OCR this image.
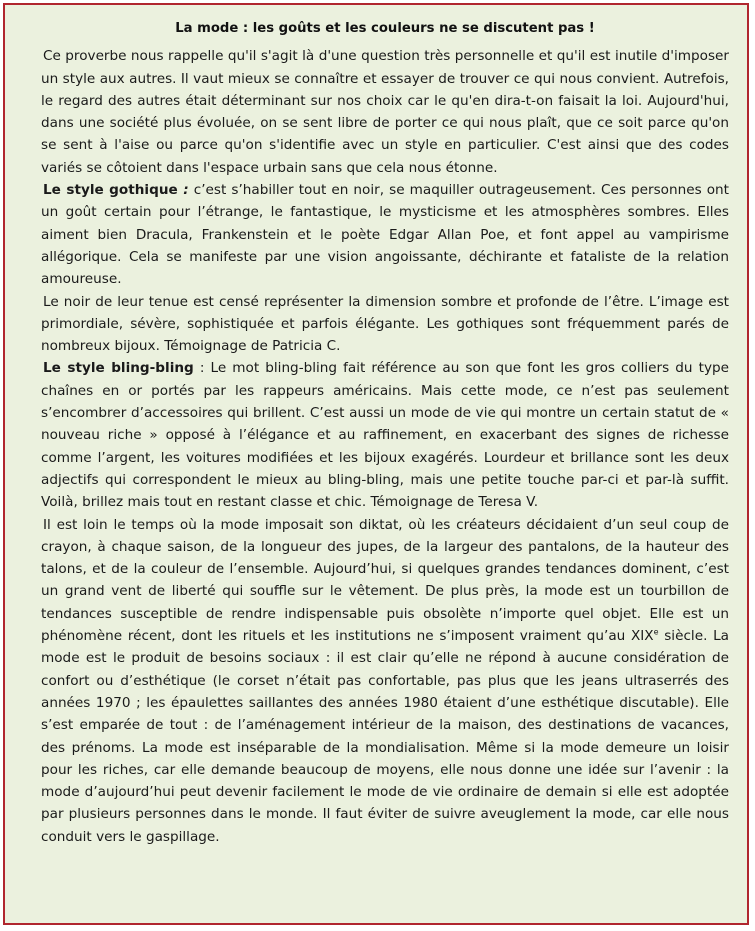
La mode : les goûts et les couleurs ne se discutent pas !

Ce proverbe nous rappelle qu'il s'agit là d'une question très personnelle et qu'il est inutile d'imposer un style aux autres. Il vaut mieux se connaître et essayer de trouver ce qui nous convient. Autrefois, le regard des autres était déterminant sur nos choix car le qu'en dira-t-on faisait la loi. Aujourd'hui, dans une société plus évoluée, on se sent libre de porter ce qui nous plaît, que ce soit parce qu'on se sent à l'aise ou parce qu'on s'identifie avec un style en particulier. C'est ainsi que des codes variés se côtoient dans l'espace urbain sans que cela nous étonne.

Le style gothique : c’est s’habiller tout en noir, se maquiller outrageusement. Ces personnes ont un goût certain pour l’étrange, le fantastique, le mysticisme et les atmosphères sombres. Elles aiment bien Dracula, Frankenstein et le poète Edgar Allan Poe, et font appel au vampirisme allégorique. Cela se manifeste par une vision angoissante, déchirante et fataliste de la relation amoureuse.

Le noir de leur tenue est censé représenter la dimension sombre et profonde de l’être. L’image est primordiale, sévère, sophistiquée et parfois élégante. Les gothiques sont fréquemment parés de nombreux bijoux. Témoignage de Patricia C.

Le style bling-bling : Le mot bling-bling fait référence au son que font les gros colliers du type chaînes en or portés par les rappeurs américains. Mais cette mode, ce n’est pas seulement s’encombrer d’accessoires qui brillent. C’est aussi un mode de vie qui montre un certain statut de « nouveau riche » opposé à l’élégance et au raffinement, en exacerbant des signes de richesse comme l’argent, les voitures modifiées et les bijoux exagérés. Lourdeur et brillance sont les deux adjectifs qui correspondent le mieux au bling-bling, mais une petite touche par-ci et par-là suffit. Voilà, brillez mais tout en restant classe et chic. Témoignage de Teresa V.

Il est loin le temps où la mode imposait son diktat, où les créateurs décidaient d’un seul coup de crayon, à chaque saison, de la longueur des jupes, de la largeur des pantalons, de la hauteur des talons, et de la couleur de l’ensemble. Aujourd’hui, si quelques grandes tendances dominent, c’est un grand vent de liberté qui souffle sur le vêtement. De plus près, la mode est un tourbillon de tendances susceptible de rendre indispensable puis obsolète n’importe quel objet. Elle est un phénomène récent, dont les rituels et les institutions ne s’imposent vraiment qu’au XIXe siècle. La mode est le produit de besoins sociaux : il est clair qu’elle ne répond à aucune considération de confort ou d’esthétique (le corset n’était pas confortable, pas plus que les jeans ultraserrés des années 1970 ; les épaulettes saillantes des années 1980 étaient d’une esthétique discutable). Elle s’est emparée de tout : de l’aménagement intérieur de la maison, des destinations de vacances, des prénoms. La mode est inséparable de la mondialisation. Même si la mode demeure un loisir pour les riches, car elle demande beaucoup de moyens, elle nous donne une idée sur l’avenir : la mode d’aujourd’hui peut devenir facilement le mode de vie ordinaire de demain si elle est adoptée par plusieurs personnes dans le monde. Il faut éviter de suivre aveuglement la mode, car elle nous conduit vers le gaspillage.
